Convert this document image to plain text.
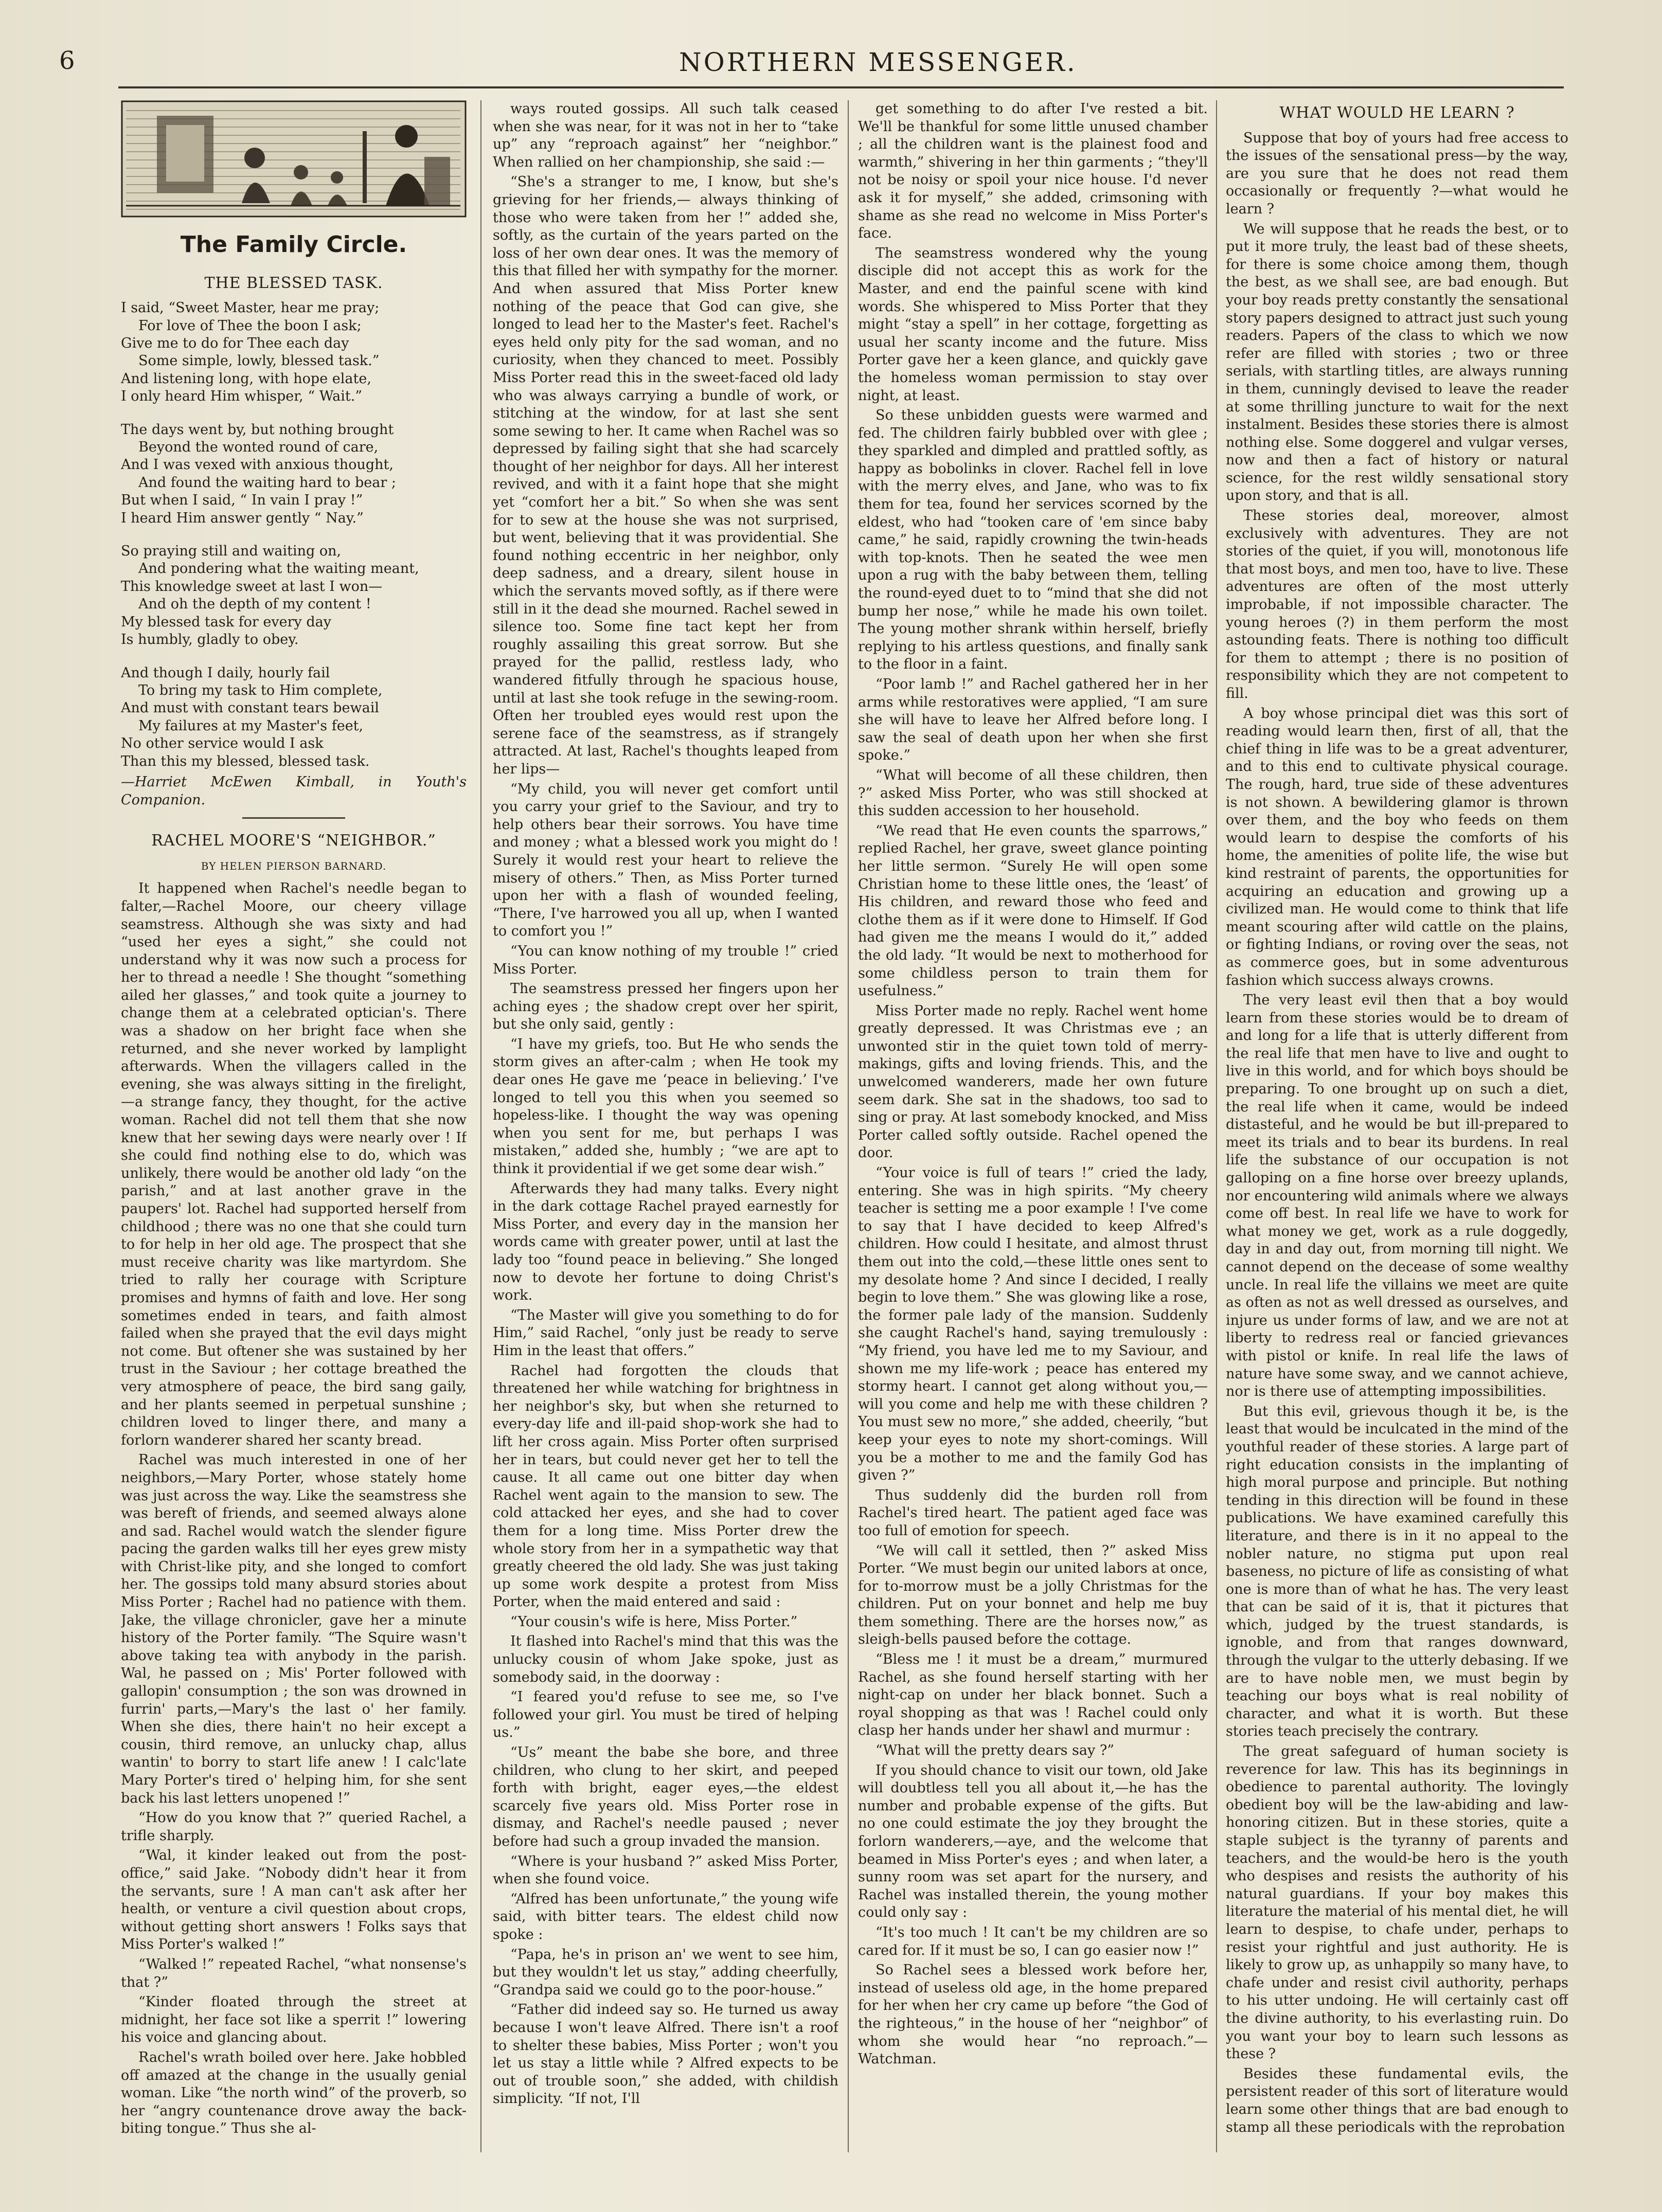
6	NORTHERN MESSENGER.
The Family Circle.
THE BLESSED TASK.
I said, “Sweet Master, hear me pray;
For love of Thee the boon I ask;
Give me to do for Thee each day
Some simple, lowly, blessed task.”
And listening long, with hope elate,
I only heard Him whisper, “ Wait.”
The days went by, but nothing brought
Beyond the wonted round of care,
And I was vexed with anxious thought,
And found the waiting hard to bear ;
But when I said, “ In vain I pray !”
I heard Him answer gently “ Nay.”
So praying still and waiting on,
And pondering what the waiting meant,
This knowledge sweet at last I won—
And oh the depth of my content !
My blessed task for every day
Is humbly, gladly to obey.
And though I daily, hourly fail
To bring my task to Him complete,
And must with constant tears bewail
My failures at my Master's feet,
No other service would I ask
Than this my blessed, blessed task.

—Harriet McEwen Kimball, in Youth's Companion.

RACHEL MOORE'S “NEIGHBOR.”
BY HELEN PIERSON BARNARD.

It happened when Rachel's needle began to falter,—Rachel Moore, our cheery village seamstress. Although she was sixty and had “used her eyes a sight,” she could not understand why it was now such a process for her to thread a needle ! She thought “something ailed her glasses,” and took quite a journey to change them at a celebrated optician's. There was a shadow on her bright face when she returned, and she never worked by lamplight afterwards. When the villagers called in the evening, she was always sitting in the firelight,—a strange fancy, they thought, for the active woman. Rachel did not tell them that she now knew that her sewing days were nearly over ! If she could find nothing else to do, which was unlikely, there would be another old lady “on the parish,” and at last another grave in the paupers' lot. Rachel had supported herself from childhood ; there was no one that she could turn to for help in her old age. The prospect that she must receive charity was like martyrdom. She tried to rally her courage with Scripture promises and hymns of faith and love. Her song sometimes ended in tears, and faith almost failed when she prayed that the evil days might not come. But oftener she was sustained by her trust in the Saviour ; her cottage breathed the very atmosphere of peace, the bird sang gaily, and her plants seemed in perpetual sunshine ; children loved to linger there, and many a forlorn wanderer shared her scanty bread.

Rachel was much interested in one of her neighbors,—Mary Porter, whose stately home was just across the way. Like the seamstress she was bereft of friends, and seemed always alone and sad. Rachel would watch the slender figure pacing the garden walks till her eyes grew misty with Christ-like pity, and she longed to comfort her. The gossips told many absurd stories about Miss Porter ; Rachel had no patience with them. Jake, the village chronicler, gave her a minute history of the Porter family. “The Squire wasn't above taking tea with anybody in the parish. Wal, he passed on ; Mis' Porter followed with gallopin' consumption ; the son was drowned in furrin' parts,—Mary's the last o' her family. When she dies, there hain't no heir except a cousin, third remove, an unlucky chap, allus wantin' to borry to start life anew ! I calc'late Mary Porter's tired o' helping him, for she sent back his last letters unopened !”

“How do you know that ?” queried Rachel, a trifle sharply.

“Wal, it kinder leaked out from the post-office,” said Jake. “Nobody didn't hear it from the servants, sure ! A man can't ask after her health, or venture a civil question about crops, without getting short answers ! Folks says that Miss Porter's walked !”

“Walked !” repeated Rachel, “what nonsense's that ?”

“Kinder floated through the street at midnight, her face sot like a sperrit !” lowering his voice and glancing about.

Rachel's wrath boiled over here. Jake hobbled off amazed at the change in the usually genial woman. Like “the north wind” of the proverb, so her “angry countenance drove away the back-biting tongue.” Thus she al-

ways routed gossips. All such talk ceased when she was near, for it was not in her to “take up” any “reproach against” her “neighbor.” When rallied on her championship, she said :—

“She's a stranger to me, I know, but she's grieving for her friends,— always thinking of those who were taken from her !” added she, softly, as the curtain of the years parted on the loss of her own dear ones. It was the memory of this that filled her with sympathy for the morner. And when assured that Miss Porter knew nothing of the peace that God can give, she longed to lead her to the Master's feet. Rachel's eyes held only pity for the sad woman, and no curiosity, when they chanced to meet. Possibly Miss Porter read this in the sweet-faced old lady who was always carrying a bundle of work, or stitching at the window, for at last she sent some sewing to her. It came when Rachel was so depressed by failing sight that she had scarcely thought of her neighbor for days. All her interest revived, and with it a faint hope that she might yet “comfort her a bit.” So when she was sent for to sew at the house she was not surprised, but went, believing that it was providential. She found nothing eccentric in her neighbor, only deep sadness, and a dreary, silent house in which the servants moved softly, as if there were still in it the dead she mourned. Rachel sewed in silence too. Some fine tact kept her from roughly assailing this great sorrow. But she prayed for the pallid, restless lady, who wandered fitfully through he spacious house, until at last she took refuge in the sewing-room. Often her troubled eyes would rest upon the serene face of the seamstress, as if strangely attracted. At last, Rachel's thoughts leaped from her lips—

“My child, you will never get comfort until you carry your grief to the Saviour, and try to help others bear their sorrows. You have time and money ; what a blessed work you might do ! Surely it would rest your heart to relieve the misery of others.” Then, as Miss Porter turned upon her with a flash of wounded feeling, “There, I've harrowed you all up, when I wanted to comfort you !”

“You can know nothing of my trouble !” cried Miss Porter.

The seamstress pressed her fingers upon her aching eyes ; the shadow crept over her spirit, but she only said, gently :

“I have my griefs, too. But He who sends the storm gives an after-calm ; when He took my dear ones He gave me ‘peace in believing.’ I've longed to tell you this when you seemed so hopeless-like. I thought the way was opening when you sent for me, but perhaps I was mistaken,” added she, humbly ; “we are apt to think it providential if we get some dear wish.”

Afterwards they had many talks. Every night in the dark cottage Rachel prayed earnestly for Miss Porter, and every day in the mansion her words came with greater power, until at last the lady too “found peace in believing.” She longed now to devote her fortune to doing Christ's work.

“The Master will give you something to do for Him,” said Rachel, “only just be ready to serve Him in the least that offers.”

Rachel had forgotten the clouds that threatened her while watching for brightness in her neighbor's sky, but when she returned to every-day life and ill-paid shop-work she had to lift her cross again. Miss Porter often surprised her in tears, but could never get her to tell the cause. It all came out one bitter day when Rachel went again to the mansion to sew. The cold attacked her eyes, and she had to cover them for a long time. Miss Porter drew the whole story from her in a sympathetic way that greatly cheered the old lady. She was just taking up some work despite a protest from Miss Porter, when the maid entered and said :

“Your cousin's wife is here, Miss Porter.”

It flashed into Rachel's mind that this was the unlucky cousin of whom Jake spoke, just as somebody said, in the doorway :

“I feared you'd refuse to see me, so I've followed your girl. You must be tired of helping us.”

“Us” meant the babe she bore, and three children, who clung to her skirt, and peeped forth with bright, eager eyes,—the eldest scarcely five years old. Miss Porter rose in dismay, and Rachel's needle paused ; never before had such a group invaded the mansion.

“Where is your husband ?” asked Miss Porter, when she found voice.

“Alfred has been unfortunate,” the young wife said, with bitter tears. The eldest child now spoke :

“Papa, he's in prison an' we went to see him, but they wouldn't let us stay,” adding cheerfully, “Grandpa said we could go to the poor-house.”

“Father did indeed say so. He turned us away because I won't leave Alfred. There isn't a roof to shelter these babies, Miss Porter ; won't you let us stay a little while ? Alfred expects to be out of trouble soon,” she added, with childish simplicity. “If not, I'll

get something to do after I've rested a bit. We'll be thankful for some little unused chamber ; all the children want is the plainest food and warmth,” shivering in her thin garments ; “they'll not be noisy or spoil your nice house. I'd never ask it for myself,” she added, crimsoning with shame as she read no welcome in Miss Porter's face.

The seamstress wondered why the young disciple did not accept this as work for the Master, and end the painful scene with kind words. She whispered to Miss Porter that they might “stay a spell” in her cottage, forgetting as usual her scanty income and the future. Miss Porter gave her a keen glance, and quickly gave the homeless woman permission to stay over night, at least.

So these unbidden guests were warmed and fed. The children fairly bubbled over with glee ; they sparkled and dimpled and prattled softly, as happy as bobolinks in clover. Rachel fell in love with the merry elves, and Jane, who was to fix them for tea, found her services scorned by the eldest, who had “tooken care of 'em since baby came,” he said, rapidly crowning the twin-heads with top-knots. Then he seated the wee men upon a rug with the baby between them, telling the round-eyed duet to to “mind that she did not bump her nose,” while he made his own toilet. The young mother shrank within herself, briefly replying to his artless questions, and finally sank to the floor in a faint.

“Poor lamb !” and Rachel gathered her in her arms while restoratives were applied, “I am sure she will have to leave her Alfred before long. I saw the seal of death upon her when she first spoke.”

“What will become of all these children, then ?” asked Miss Porter, who was still shocked at this sudden accession to her household.

“We read that He even counts the sparrows,” replied Rachel, her grave, sweet glance pointing her little sermon. “Surely He will open some Christian home to these little ones, the ‘least’ of His children, and reward those who feed and clothe them as if it were done to Himself. If God had given me the means I would do it,” added the old lady. “It would be next to motherhood for some childless person to train them for usefulness.”

Miss Porter made no reply. Rachel went home greatly depressed. It was Christmas eve ; an unwonted stir in the quiet town told of merry-makings, gifts and loving friends. This, and the unwelcomed wanderers, made her own future seem dark. She sat in the shadows, too sad to sing or pray. At last somebody knocked, and Miss Porter called softly outside. Rachel opened the door.

“Your voice is full of tears !” cried the lady, entering. She was in high spirits. “My cheery teacher is setting me a poor example ! I've come to say that I have decided to keep Alfred's children. How could I hesitate, and almost thrust them out into the cold,—these little ones sent to my desolate home ? And since I decided, I really begin to love them.” She was glowing like a rose, the former pale lady of the mansion. Suddenly she caught Rachel's hand, saying tremulously : “My friend, you have led me to my Saviour, and shown me my life-work ; peace has entered my stormy heart. I cannot get along without you,—will you come and help me with these children ? You must sew no more,” she added, cheerily, “but keep your eyes to note my short-comings. Will you be a mother to me and the family God has given ?”

Thus suddenly did the burden roll from Rachel's tired heart. The patient aged face was too full of emotion for speech.

“We will call it settled, then ?” asked Miss Porter. “We must begin our united labors at once, for to-morrow must be a jolly Christmas for the children. Put on your bonnet and help me buy them something. There are the horses now,” as sleigh-bells paused before the cottage.

“Bless me ! it must be a dream,” murmured Rachel, as she found herself starting with her night-cap on under her black bonnet. Such a royal shopping as that was ! Rachel could only clasp her hands under her shawl and murmur :

“What will the pretty dears say ?”

If you should chance to visit our town, old Jake will doubtless tell you all about it,—he has the number and probable expense of the gifts. But no one could estimate the joy they brought the forlorn wanderers,—aye, and the welcome that beamed in Miss Porter's eyes ; and when later, a sunny room was set apart for the nursery, and Rachel was installed therein, the young mother could only say :

“It's too much ! It can't be my children are so cared for. If it must be so, I can go easier now !”

So Rachel sees a blessed work before her, instead of useless old age, in the home prepared for her when her cry came up before “the God of the righteous,” in the house of her “neighbor” of whom she would hear “no reproach.”—Watchman.

WHAT WOULD HE LEARN ?

Suppose that boy of yours had free access to the issues of the sensational press—by the way, are you sure that he does not read them occasionally or frequently ?—what would he learn ?

We will suppose that he reads the best, or to put it more truly, the least bad of these sheets, for there is some choice among them, though the best, as we shall see, are bad enough. But your boy reads pretty constantly the sensational story papers designed to attract just such young readers. Papers of the class to which we now refer are filled with stories ; two or three serials, with startling titles, are always running in them, cunningly devised to leave the reader at some thrilling juncture to wait for the next instalment. Besides these stories there is almost nothing else. Some doggerel and vulgar verses, now and then a fact of history or natural science, for the rest wildly sensational story upon story, and that is all.

These stories deal, moreover, almost exclusively with adventures. They are not stories of the quiet, if you will, monotonous life that most boys, and men too, have to live. These adventures are often of the most utterly improbable, if not impossible character. The young heroes (?) in them perform the most astounding feats. There is nothing too difficult for them to attempt ; there is no position of responsibility which they are not competent to fill.

A boy whose principal diet was this sort of reading would learn then, first of all, that the chief thing in life was to be a great adventurer, and to this end to cultivate physical courage. The rough, hard, true side of these adventures is not shown. A bewildering glamor is thrown over them, and the boy who feeds on them would learn to despise the comforts of his home, the amenities of polite life, the wise but kind restraint of parents, the opportunities for acquiring an education and growing up a civilized man. He would come to think that life meant scouring after wild cattle on the plains, or fighting Indians, or roving over the seas, not as commerce goes, but in some adventurous fashion which success always crowns.

The very least evil then that a boy would learn from these stories would be to dream of and long for a life that is utterly different from the real life that men have to live and ought to live in this world, and for which boys should be preparing. To one brought up on such a diet, the real life when it came, would be indeed distasteful, and he would be but ill-prepared to meet its trials and to bear its burdens. In real life the substance of our occupation is not galloping on a fine horse over breezy uplands, nor encountering wild animals where we always come off best. In real life we have to work for what money we get, work as a rule doggedly, day in and day out, from morning till night. We cannot depend on the decease of some wealthy uncle. In real life the villains we meet are quite as often as not as well dressed as ourselves, and injure us under forms of law, and we are not at liberty to redress real or fancied grievances with pistol or knife. In real life the laws of nature have some sway, and we cannot achieve, nor is there use of attempting impossibilities.

But this evil, grievous though it be, is the least that would be inculcated in the mind of the youthful reader of these stories. A large part of right education consists in the implanting of high moral purpose and principle. But nothing tending in this direction will be found in these publications. We have examined carefully this literature, and there is in it no appeal to the nobler nature, no stigma put upon real baseness, no picture of life as consisting of what one is more than of what he has. The very least that can be said of it is, that it pictures that which, judged by the truest standards, is ignoble, and from that ranges downward, through the vulgar to the utterly debasing. If we are to have noble men, we must begin by teaching our boys what is real nobility of character, and what it is worth. But these stories teach precisely the contrary.

The great safeguard of human society is reverence for law. This has its beginnings in obedience to parental authority. The lovingly obedient boy will be the law-abiding and law-honoring citizen. But in these stories, quite a staple subject is the tyranny of parents and teachers, and the would-be hero is the youth who despises and resists the authority of his natural guardians. If your boy makes this literature the material of his mental diet, he will learn to despise, to chafe under, perhaps to resist your rightful and just authority. He is likely to grow up, as unhappily so many have, to chafe under and resist civil authority, perhaps to his utter undoing. He will certainly cast off the divine authority, to his everlasting ruin. Do you want your boy to learn such lessons as these ?

Besides these fundamental evils, the persistent reader of this sort of literature would learn some other things that are bad enough to stamp all these periodicals with the reprobation
